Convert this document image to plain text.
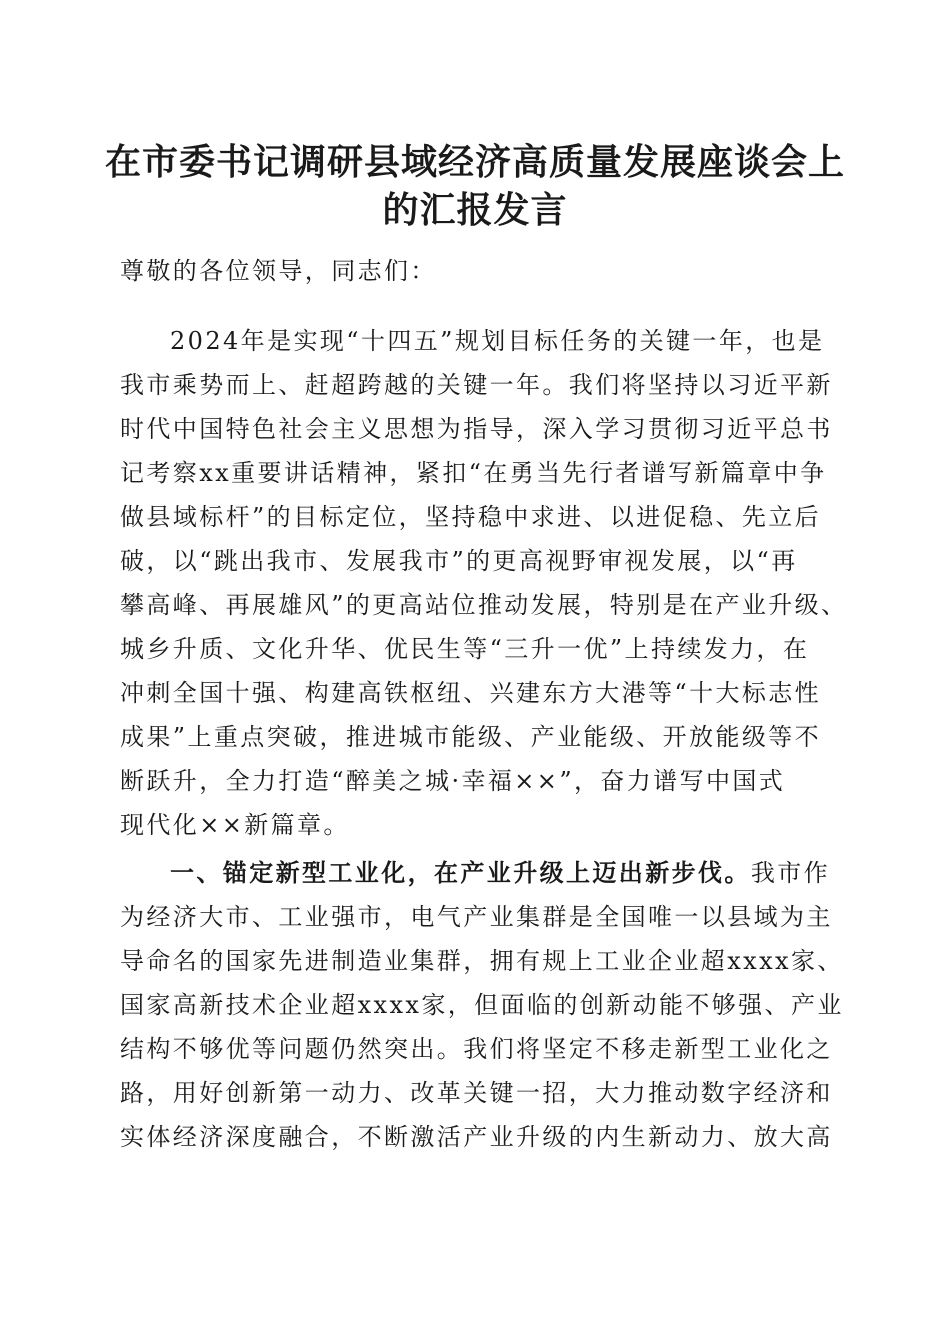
在市委书记调研县域经济高质量发展座谈会上
的汇报发言
尊敬的各位领导，同志们：
2024年是实现“十四五”规划目标任务的关键一年，也是
我市乘势而上、赶超跨越的关键一年。我们将坚持以习近平新
时代中国特色社会主义思想为指导，深入学习贯彻习近平总书
记考察xx重要讲话精神，紧扣“在勇当先行者谱写新篇章中争
做县域标杆”的目标定位，坚持稳中求进、以进促稳、先立后
破，以“跳出我市、发展我市”的更高视野审视发展，以“再
攀高峰、再展雄风”的更高站位推动发展，特别是在产业升级、
城乡升质、文化升华、优民生等“三升一优”上持续发力，在
冲刺全国十强、构建高铁枢纽、兴建东方大港等“十大标志性
成果”上重点突破，推进城市能级、产业能级、开放能级等不
断跃升，全力打造“醉美之城·幸福××”，奋力谱写中国式
现代化××新篇章。
一、锚定新型工业化，在产业升级上迈出新步伐。我市作
为经济大市、工业强市，电气产业集群是全国唯一以县域为主
导命名的国家先进制造业集群，拥有规上工业企业超xxxx家、
国家高新技术企业超xxxx家，但面临的创新动能不够强、产业
结构不够优等问题仍然突出。我们将坚定不移走新型工业化之
路，用好创新第一动力、改革关键一招，大力推动数字经济和
实体经济深度融合，不断激活产业升级的内生新动力、放大高
